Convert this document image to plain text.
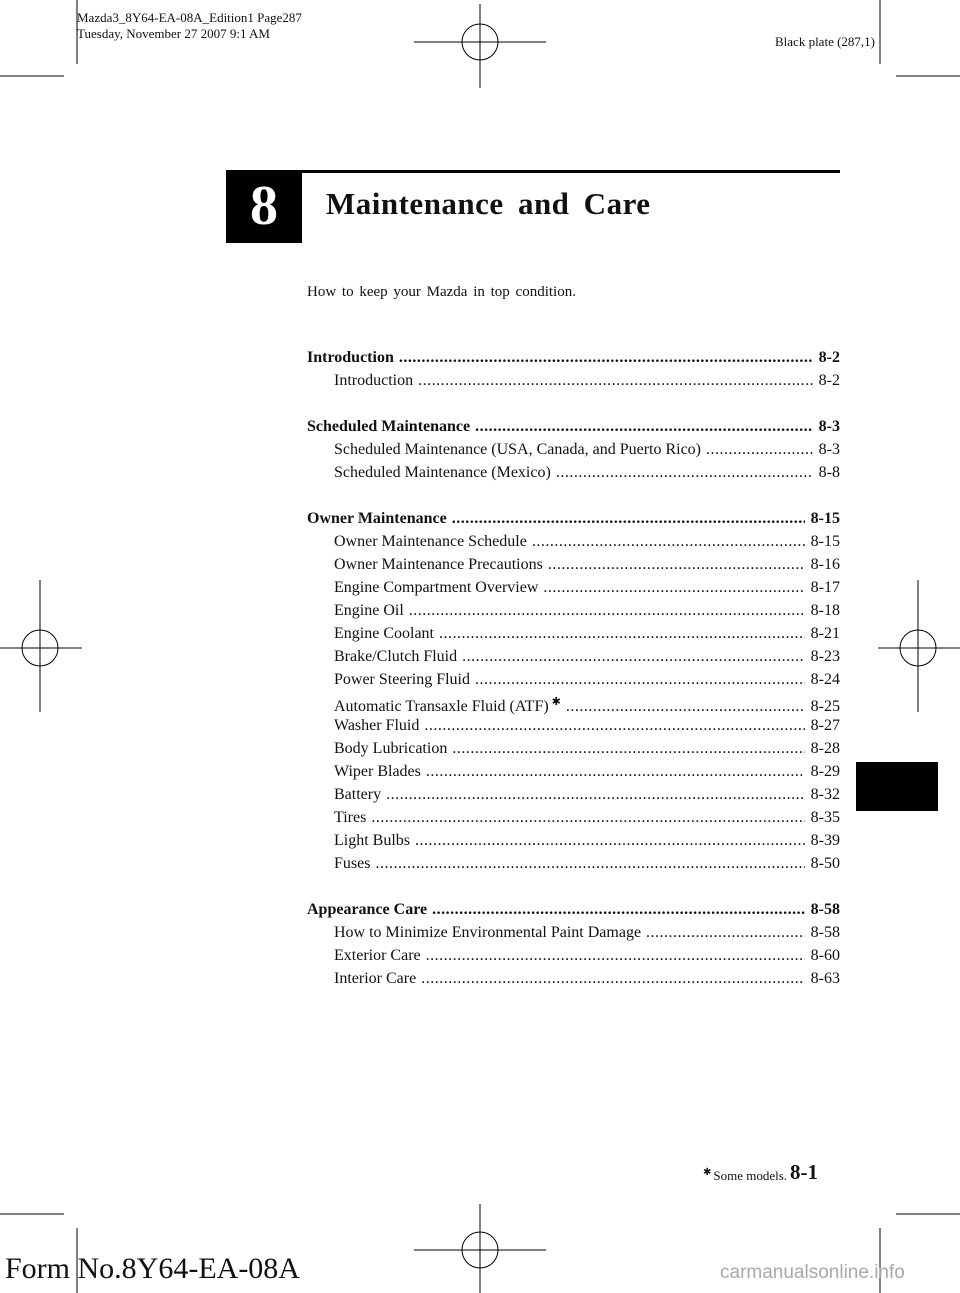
Mazda3_8Y64-EA-08A_Edition1 Page287
Tuesday, November 27 2007 9:1 AM
Black plate (287,1)
8	Maintenance and Care
How to keep your Mazda in top condition.
Introduction .....	8-2
Introduction .....	8-2
Scheduled Maintenance .....	8-3
Scheduled Maintenance (USA, Canada, and Puerto Rico) .....	8-3
Scheduled Maintenance (Mexico) .....	8-8
Owner Maintenance .....	8-15
Owner Maintenance Schedule .....	8-15
Owner Maintenance Precautions .....	8-16
Engine Compartment Overview .....	8-17
Engine Oil .....	8-18
Engine Coolant .....	8-21
Brake/Clutch Fluid .....	8-23
Power Steering Fluid .....	8-24
Automatic Transaxle Fluid (ATF) ✱ .....	8-25
Washer Fluid .....	8-27
Body Lubrication .....	8-28
Wiper Blades .....	8-29
Battery .....	8-32
Tires .....	8-35
Light Bulbs .....	8-39
Fuses .....	8-50
Appearance Care .....	8-58
How to Minimize Environmental Paint Damage .....	8-58
Exterior Care .....	8-60
Interior Care .....	8-63
✱ Some models. 8-1
Form No.8Y64-EA-08A	carmanualsonline.info
